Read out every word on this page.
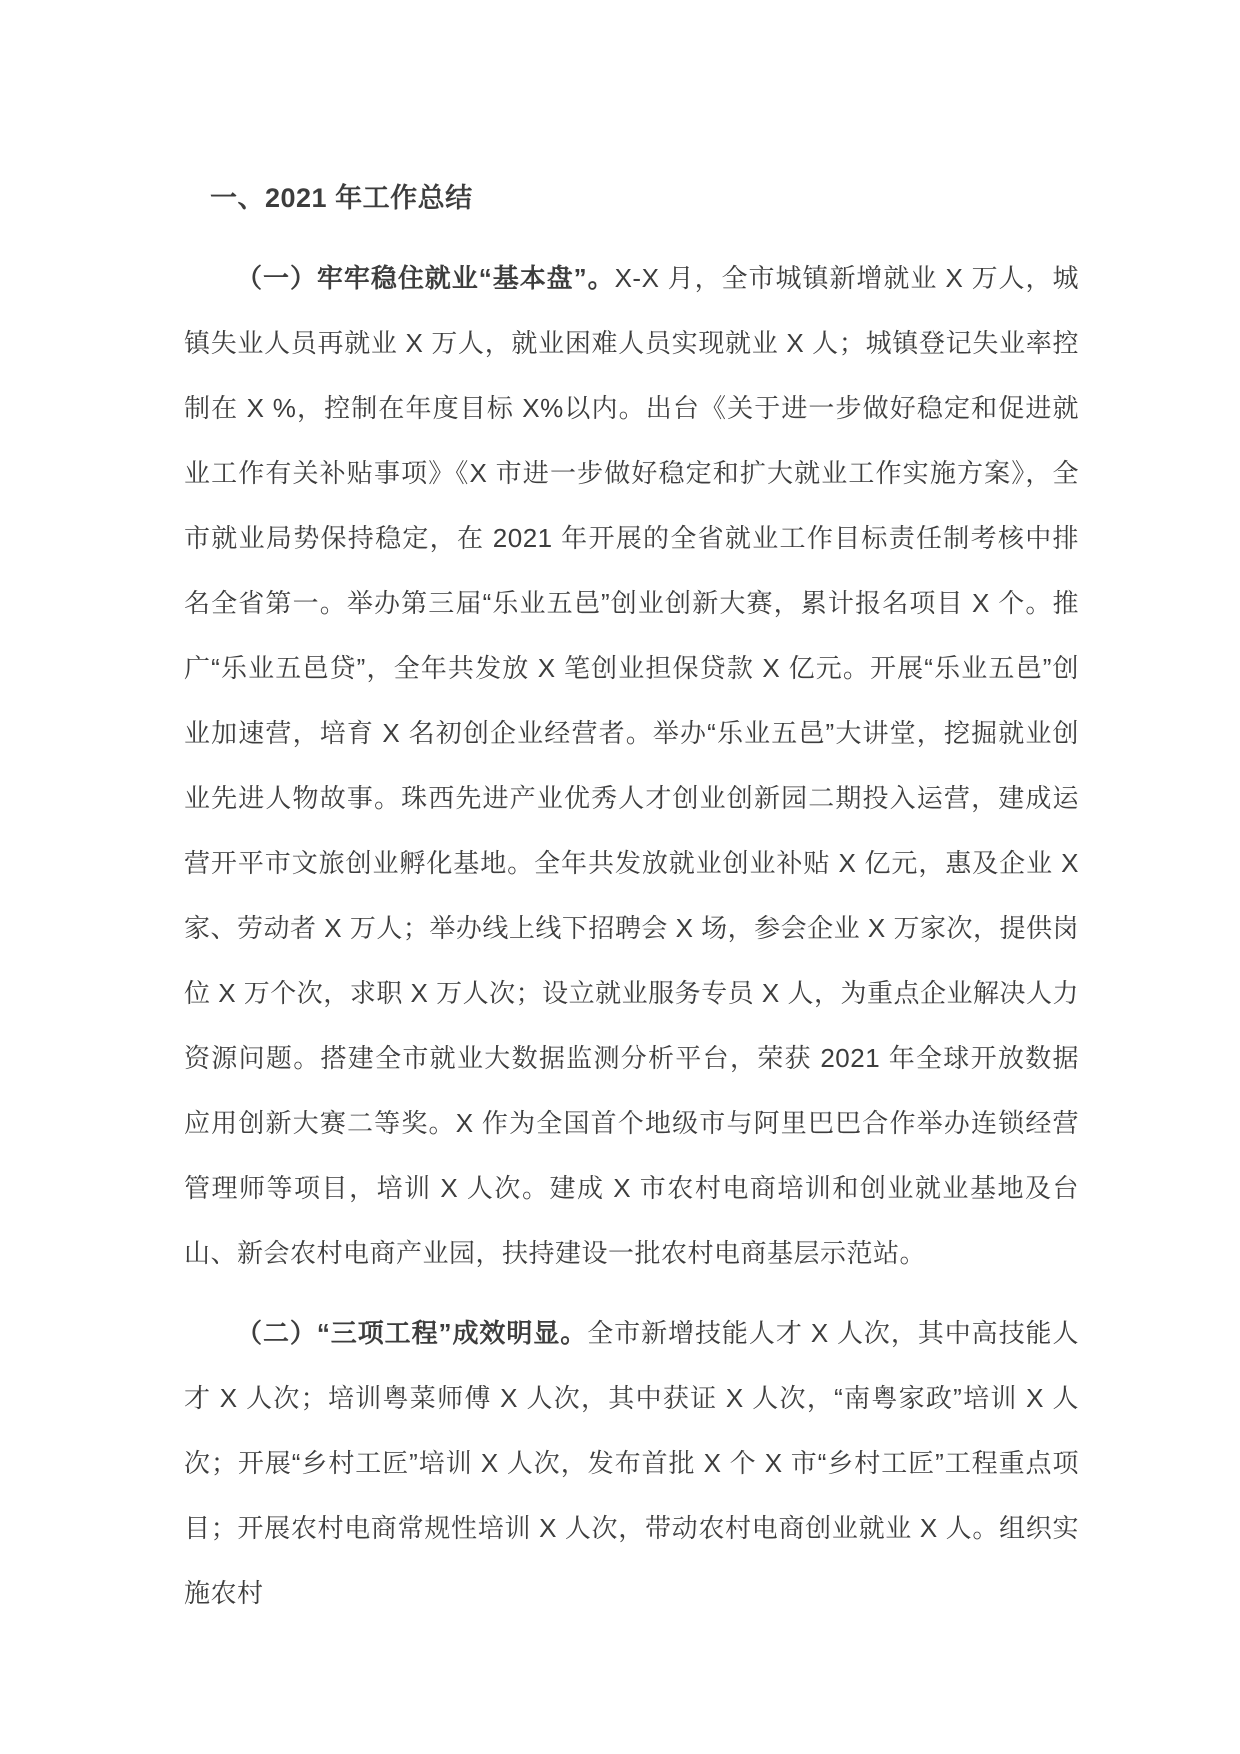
一、2021 年工作总结

（一）牢牢稳住就业“基本盘”。X-X 月，全市城镇新增就业 X 万人，城镇失业人员再就业 X 万人，就业困难人员实现就业 X 人；城镇登记失业率控制在 X %，控制在年度目标 X%以内。出台《关于进一步做好稳定和促进就业工作有关补贴事项》《X 市进一步做好稳定和扩大就业工作实施方案》，全市就业局势保持稳定，在 2021 年开展的全省就业工作目标责任制考核中排名全省第一。举办第三届“乐业五邑”创业创新大赛，累计报名项目 X 个。推广“乐业五邑贷”，全年共发放 X 笔创业担保贷款 X 亿元。开展“乐业五邑”创业加速营，培育 X 名初创企业经营者。举办“乐业五邑”大讲堂，挖掘就业创业先进人物故事。珠西先进产业优秀人才创业创新园二期投入运营，建成运营开平市文旅创业孵化基地。全年共发放就业创业补贴 X 亿元，惠及企业 X 家、劳动者 X 万人；举办线上线下招聘会 X 场，参会企业 X 万家次，提供岗位 X 万个次，求职 X 万人次；设立就业服务专员 X 人，为重点企业解决人力资源问题。搭建全市就业大数据监测分析平台，荣获 2021 年全球开放数据应用创新大赛二等奖。X 作为全国首个地级市与阿里巴巴合作举办连锁经营管理师等项目，培训 X 人次。建成 X 市农村电商培训和创业就业基地及台山、新会农村电商产业园，扶持建设一批农村电商基层示范站。

（二）“三项工程”成效明显。全市新增技能人才 X 人次，其中高技能人才 X 人次；培训粤菜师傅 X 人次，其中获证 X 人次，“南粤家政”培训 X 人次；开展“乡村工匠”培训 X 人次，发布首批 X 个 X 市“乡村工匠”工程重点项目；开展农村电商常规性培训 X 人次，带动农村电商创业就业 X 人。组织实施农村
